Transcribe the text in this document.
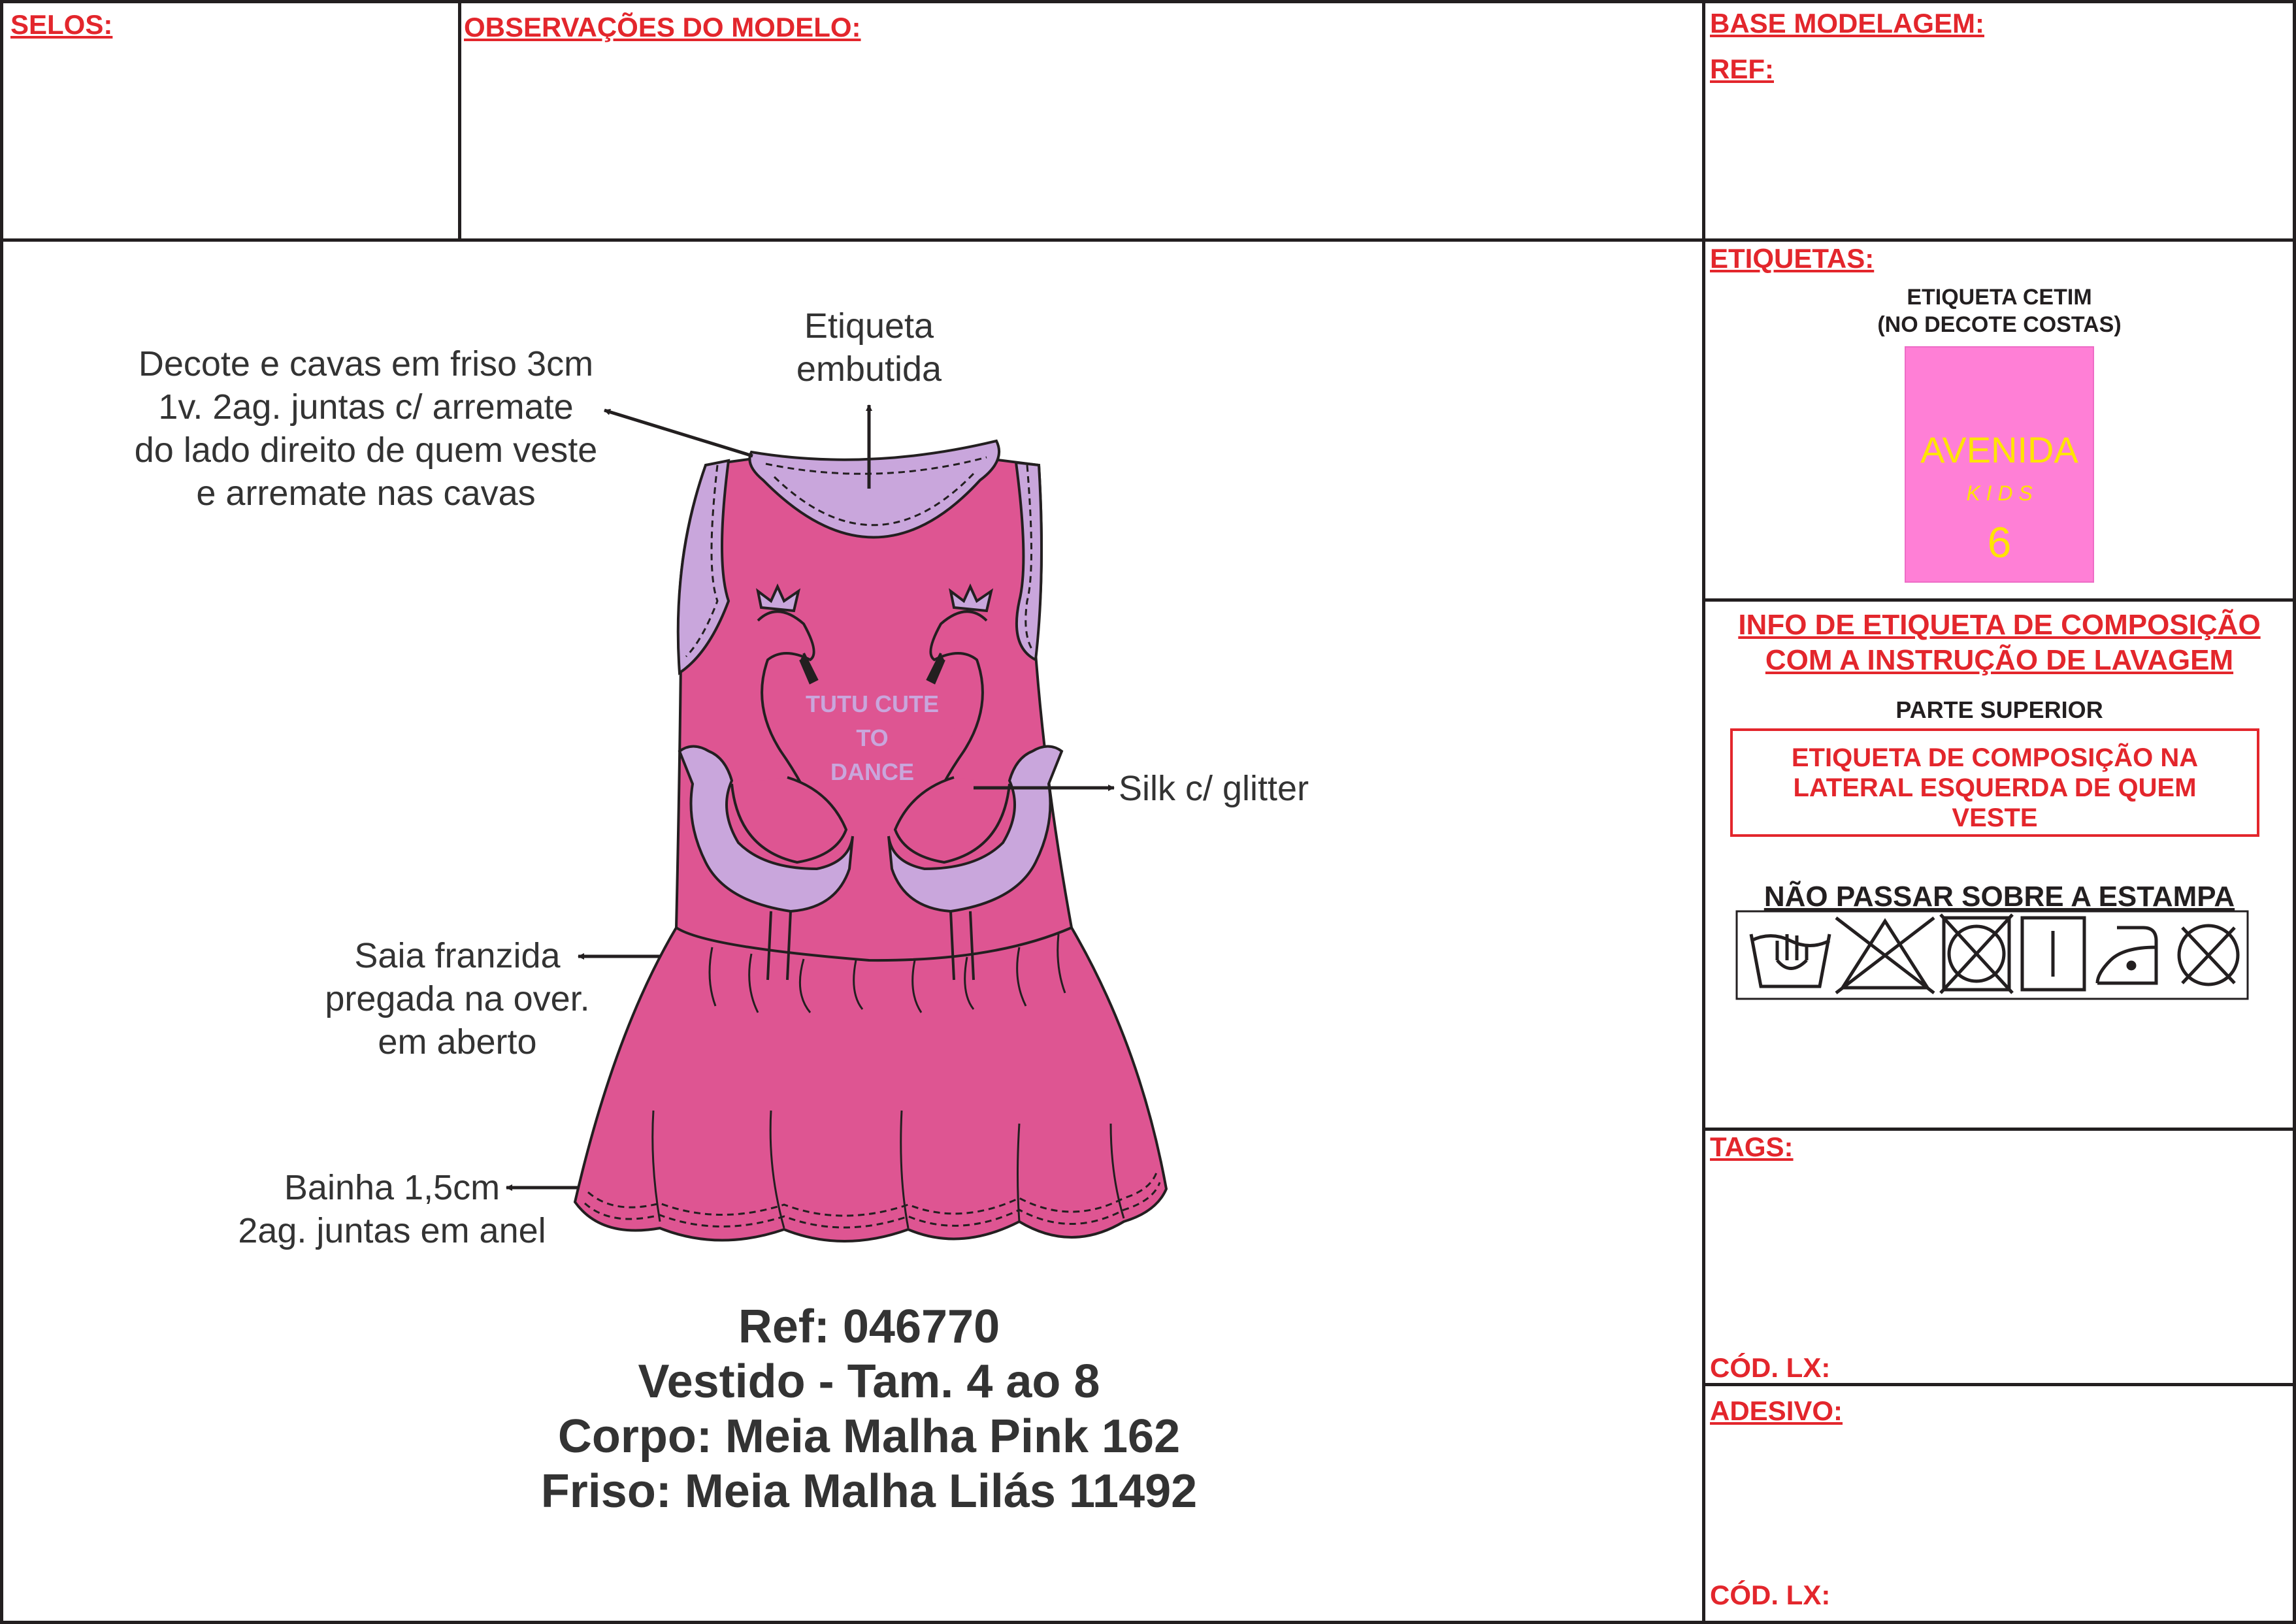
SELOS:	OBSERVAÇÕES DO MODELO:	BASE MODELAGEM:
REF:
TUTU CUTE
TO
DANCE
Etiqueta
embutida
Decote e cavas em friso 3cm
1v. 2ag. juntas c/ arremate
do lado direito de quem veste
e arremate nas cavas
Silk c/ glitter
Saia franzida
pregada na over.
em aberto
Bainha 1,5cm
2ag. juntas em anel
Ref: 046770
Vestido - Tam. 4 ao 8
Corpo: Meia Malha Pink 162
Friso: Meia Malha Lilás 11492
ETIQUETAS:
ETIQUETA CETIM
(NO DECOTE COSTAS)
AVENIDA
K I D S
6
INFO DE ETIQUETA DE COMPOSIÇÃO
COM A INSTRUÇÃO DE LAVAGEM
PARTE SUPERIOR
ETIQUETA DE COMPOSIÇÃO NA
LATERAL ESQUERDA DE QUEM
VESTE
NÃO PASSAR SOBRE A ESTAMPA
TAGS:
CÓD. LX:
ADESIVO:
CÓD. LX:
